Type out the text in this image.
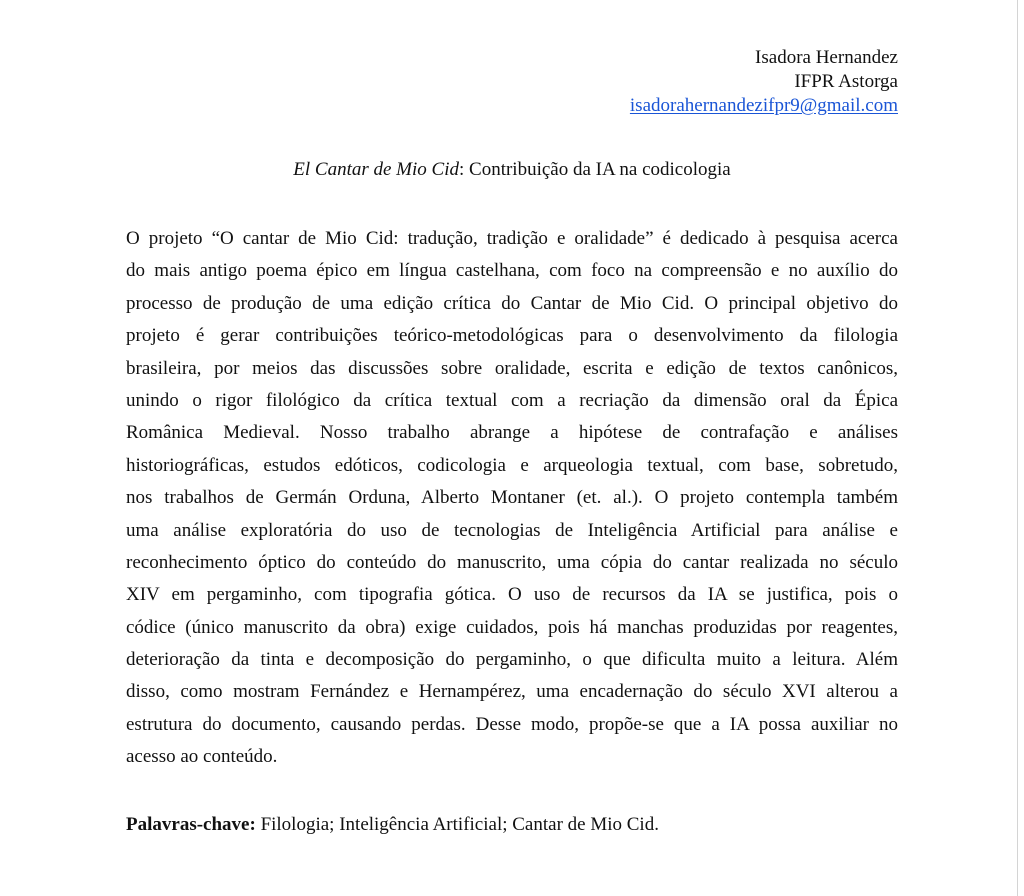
Isadora Hernandez
IFPR Astorga
isadorahernandezifpr9@gmail.com
El Cantar de Mio Cid: Contribuição da IA na codicologia
O projeto “O cantar de Mio Cid: tradução, tradição e oralidade” é dedicado à pesquisa acerca
do mais antigo poema épico em língua castelhana, com foco na compreensão e no auxílio do
processo de produção de uma edição crítica do Cantar de Mio Cid. O principal objetivo do
projeto é gerar contribuições teórico-metodológicas para o desenvolvimento da filologia
brasileira, por meios das discussões sobre oralidade, escrita e edição de textos canônicos,
unindo o rigor filológico da crítica textual com a recriação da dimensão oral da Épica
Românica Medieval. Nosso trabalho abrange a hipótese de contrafação e análises
historiográficas, estudos edóticos, codicologia e arqueologia textual, com base, sobretudo,
nos trabalhos de Germán Orduna, Alberto Montaner (et. al.). O projeto contempla também
uma análise exploratória do uso de tecnologias de Inteligência Artificial para análise e
reconhecimento óptico do conteúdo do manuscrito, uma cópia do cantar realizada no século
XIV em pergaminho, com tipografia gótica. O uso de recursos da IA se justifica, pois o
códice (único manuscrito da obra) exige cuidados, pois há manchas produzidas por reagentes,
deterioração da tinta e decomposição do pergaminho, o que dificulta muito a leitura. Além
disso, como mostram Fernández e Hernampérez, uma encadernação do século XVI alterou a
estrutura do documento, causando perdas. Desse modo, propõe-se que a IA possa auxiliar no
acesso ao conteúdo.
Palavras-chave: Filologia; Inteligência Artificial; Cantar de Mio Cid.
